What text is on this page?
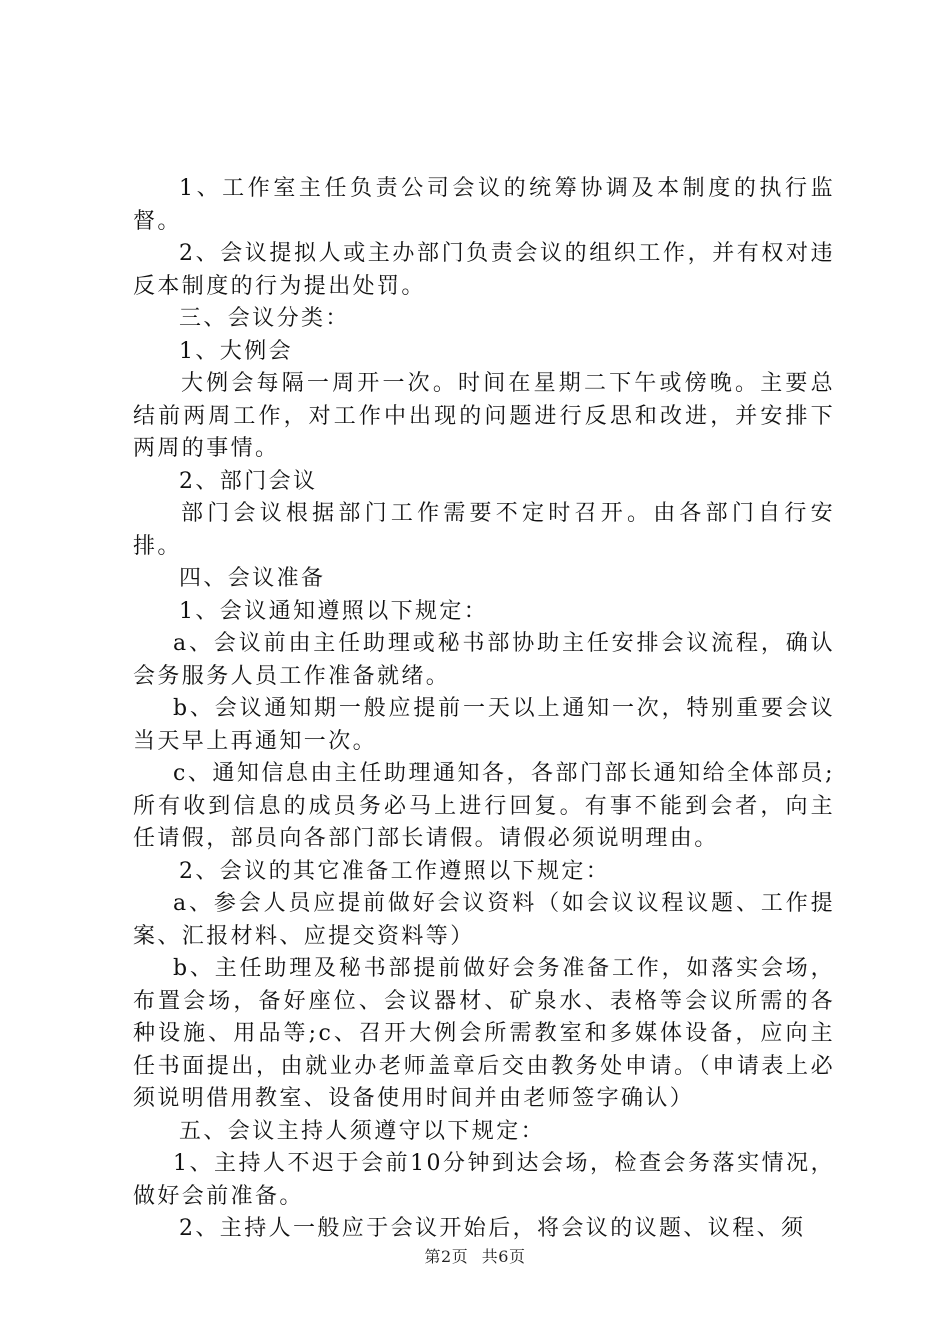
1、工作室主任负责公司会议的统筹协调及本制度的执行监督。

2、会议提拟人或主办部门负责会议的组织工作，并有权对违反本制度的行为提出处罚。

三、会议分类：

1、大例会

大例会每隔一周开一次。时间在星期二下午或傍晚。主要总结前两周工作，对工作中出现的问题进行反思和改进，并安排下两周的事情。

2、部门会议

部门会议根据部门工作需要不定时召开。由各部门自行安排。

四、会议准备

1、会议通知遵照以下规定：

a、会议前由主任助理或秘书部协助主任安排会议流程，确认会务服务人员工作准备就绪。

b、会议通知期一般应提前一天以上通知一次，特别重要会议当天早上再通知一次。

c、通知信息由主任助理通知各，各部门部长通知给全体部员;所有收到信息的成员务必马上进行回复。有事不能到会者，向主任请假，部员向各部门部长请假。请假必须说明理由。

2、会议的其它准备工作遵照以下规定：

a、参会人员应提前做好会议资料（如会议议程议题、工作提案、汇报材料、应提交资料等）

b、主任助理及秘书部提前做好会务准备工作，如落实会场，布置会场，备好座位、会议器材、矿泉水、表格等会议所需的各种设施、用品等;c、召开大例会所需教室和多媒体设备，应向主任书面提出，由就业办老师盖章后交由教务处申请。（申请表上必须说明借用教室、设备使用时间并由老师签字确认）

五、会议主持人须遵守以下规定：

1、主持人不迟于会前10分钟到达会场，检查会务落实情况，做好会前准备。

2、主持人一般应于会议开始后，将会议的议题、议程、须

第2页 共6页
